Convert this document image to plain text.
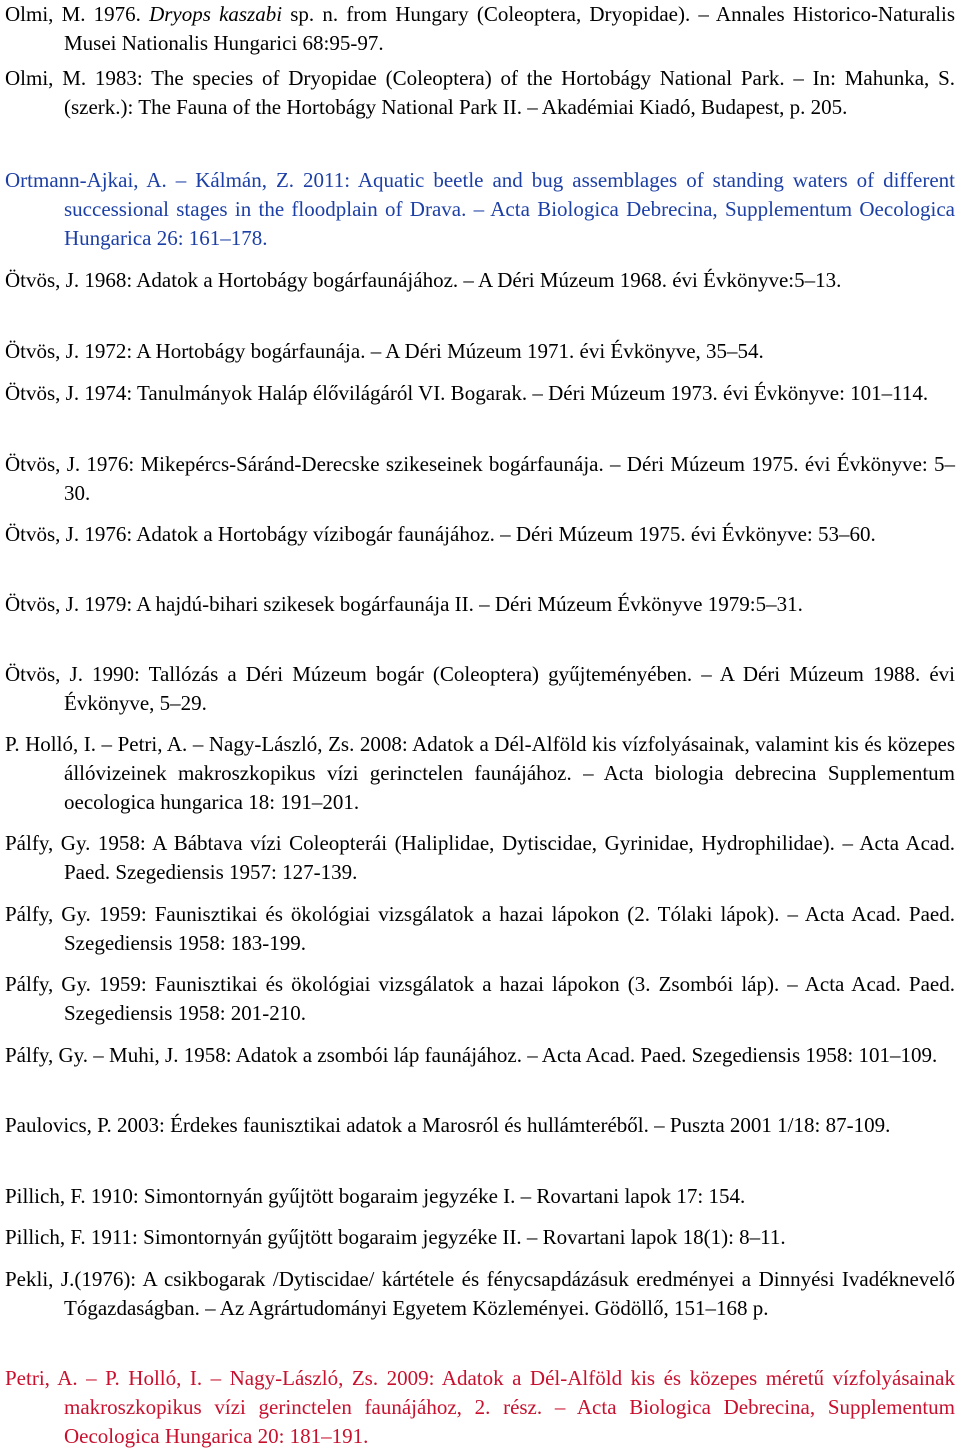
Olmi, M. 1976. Dryops kaszabi sp. n. from Hungary (Coleoptera, Dryopidae). – Annales Historico-Naturalis Musei Nationalis Hungarici 68:95-97.
Olmi, M. 1983: The species of Dryopidae (Coleoptera) of the Hortobágy National Park. – In: Mahunka, S. (szerk.): The Fauna of the Hortobágy National Park II. – Akadémiai Kiadó, Budapest, p. 205.
Ortmann-Ajkai, A. – Kálmán, Z. 2011: Aquatic beetle and bug assemblages of standing waters of different successional stages in the floodplain of Drava. – Acta Biologica Debrecina, Supplementum Oecologica Hungarica 26: 161–178.
Ötvös, J. 1968: Adatok a Hortobágy bogárfaunájához. – A Déri Múzeum 1968. évi Évkönyve:5–13.
Ötvös, J. 1972: A Hortobágy bogárfaunája. – A Déri Múzeum 1971. évi Évkönyve, 35–54.
Ötvös, J. 1974: Tanulmányok Haláp élővilágáról VI. Bogarak. – Déri Múzeum 1973. évi Évkönyve: 101–114.
Ötvös, J. 1976: Mikepércs-Sáránd-Derecske szikeseinek bogárfaunája. – Déri Múzeum 1975. évi Évkönyve: 5–30.
Ötvös, J. 1976: Adatok a Hortobágy vízibogár faunájához. – Déri Múzeum 1975. évi Évkönyve: 53–60.
Ötvös, J. 1979: A hajdú-bihari szikesek bogárfaunája II. – Déri Múzeum Évkönyve 1979:5–31.
Ötvös, J. 1990: Tallózás a Déri Múzeum bogár (Coleoptera) gyűjteményében. – A Déri Múzeum 1988. évi Évkönyve, 5–29.
P. Holló, I. – Petri, A. – Nagy-László, Zs. 2008: Adatok a Dél-Alföld kis vízfolyásainak, valamint kis és közepes állóvizeinek makroszkopikus vízi gerinctelen faunájához. – Acta biologia debrecina Supplementum oecologica hungarica 18: 191–201.
Pálfy, Gy. 1958: A Bábtava vízi Coleopterái (Haliplidae, Dytiscidae, Gyrinidae, Hydrophilidae). – Acta Acad. Paed. Szegediensis 1957: 127-139.
Pálfy, Gy. 1959: Faunisztikai és ökológiai vizsgálatok a hazai lápokon (2. Tólaki lápok). – Acta Acad. Paed. Szegediensis 1958: 183-199.
Pálfy, Gy. 1959: Faunisztikai és ökológiai vizsgálatok a hazai lápokon (3. Zsombói láp). – Acta Acad. Paed. Szegediensis 1958: 201-210.
Pálfy, Gy. – Muhi, J. 1958: Adatok a zsombói láp faunájához. – Acta Acad. Paed. Szegediensis 1958: 101–109.
Paulovics, P. 2003: Érdekes faunisztikai adatok a Marosról és hullámteréből. – Puszta 2001 1/18: 87-109.
Pillich, F. 1910: Simontornyán gyűjtött bogaraim jegyzéke I. – Rovartani lapok 17: 154.
Pillich, F. 1911: Simontornyán gyűjtött bogaraim jegyzéke II. – Rovartani lapok 18(1): 8–11.
Pekli, J.(1976): A csikbogarak /Dytiscidae/ kártétele és fénycsapdázásuk eredményei a Dinnyési Ivadéknevelő Tógazdaságban. – Az Agrártudományi Egyetem Közleményei. Gödöllő, 151–168 p.
Petri, A. – P. Holló, I. – Nagy-László, Zs. 2009: Adatok a Dél-Alföld kis és közepes méretű vízfolyásainak makroszkopikus vízi gerinctelen faunájához, 2. rész. – Acta Biologica Debrecina, Supplementum Oecologica Hungarica 20: 181–191.
